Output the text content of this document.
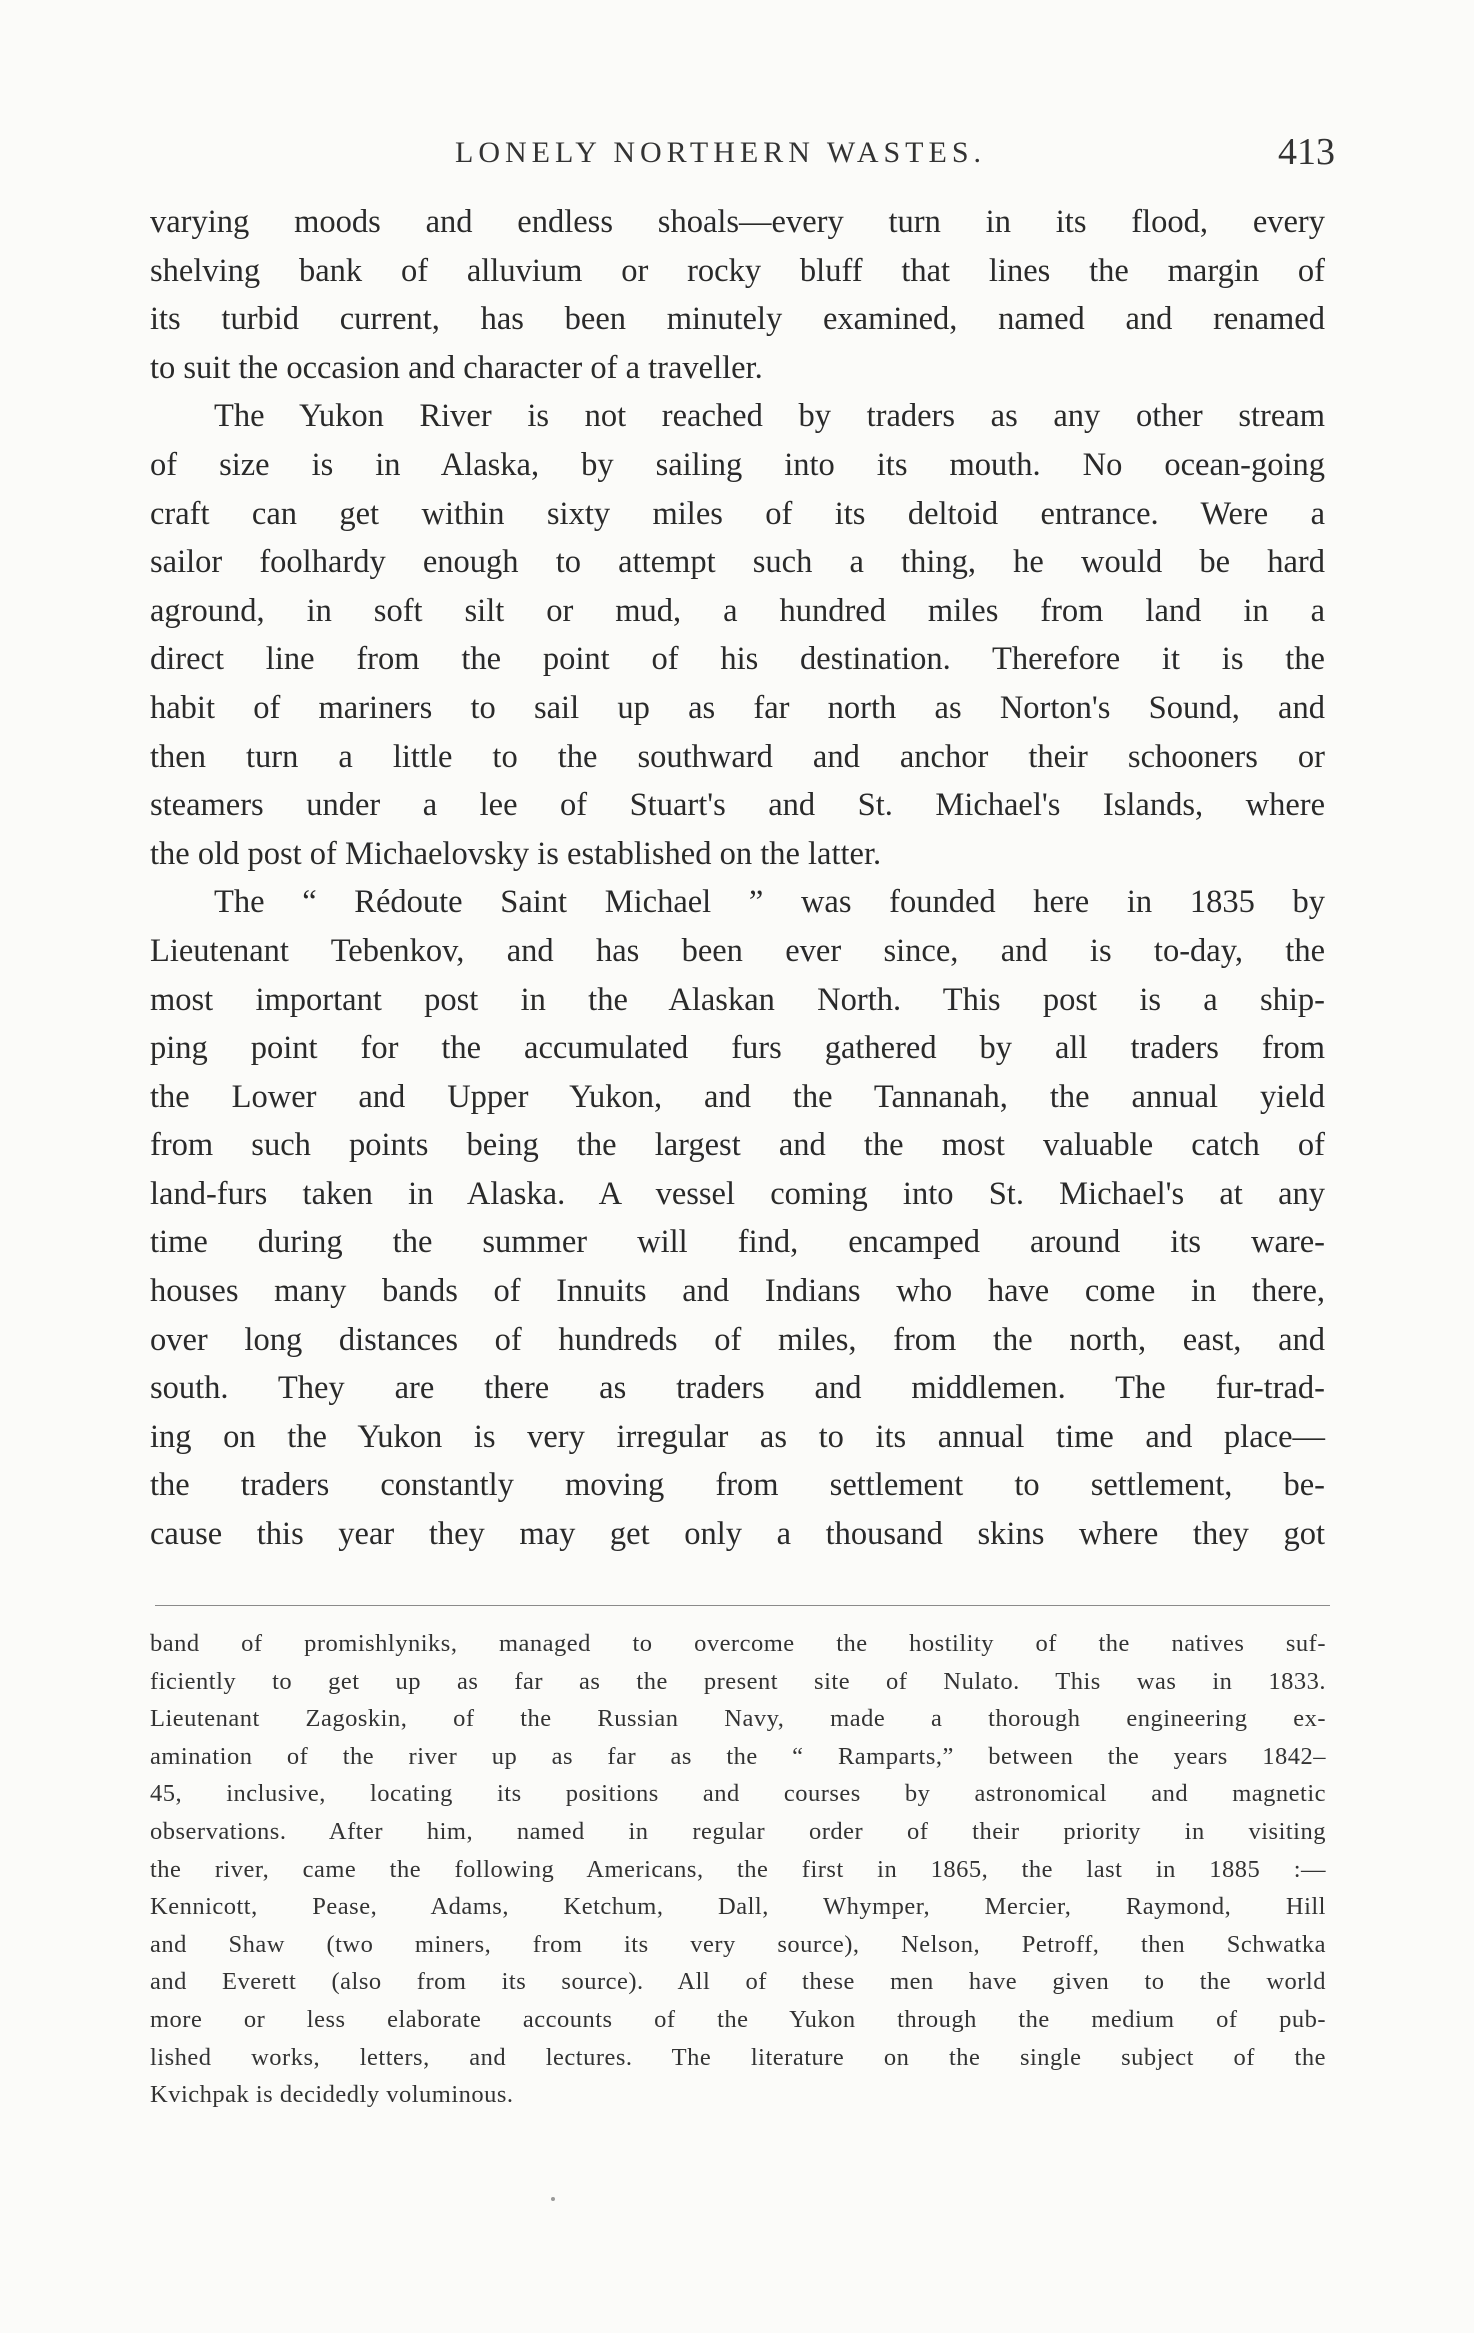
LONELY NORTHERN WASTES.	413
varying moods and endless shoals—every turn in its flood, every
shelving bank of alluvium or rocky bluff that lines the margin of
its turbid current, has been minutely examined, named and renamed
to suit the occasion and character of a traveller.
The Yukon River is not reached by traders as any other stream
of size is in Alaska, by sailing into its mouth. No ocean-going
craft can get within sixty miles of its deltoid entrance. Were a
sailor foolhardy enough to attempt such a thing, he would be hard
aground, in soft silt or mud, a hundred miles from land in a
direct line from the point of his destination. Therefore it is the
habit of mariners to sail up as far north as Norton's Sound, and
then turn a little to the southward and anchor their schooners or
steamers under a lee of Stuart's and St. Michael's Islands, where
the old post of Michaelovsky is established on the latter.
The “ Rédoute Saint Michael ” was founded here in 1835 by
Lieutenant Tebenkov, and has been ever since, and is to-day, the
most important post in the Alaskan North. This post is a ship-
ping point for the accumulated furs gathered by all traders from
the Lower and Upper Yukon, and the Tannanah, the annual yield
from such points being the largest and the most valuable catch of
land-furs taken in Alaska. A vessel coming into St. Michael's at any
time during the summer will find, encamped around its ware-
houses many bands of Innuits and Indians who have come in there,
over long distances of hundreds of miles, from the north, east, and
south. They are there as traders and middlemen. The fur-trad-
ing on the Yukon is very irregular as to its annual time and place—
the traders constantly moving from settlement to settlement, be-
cause this year they may get only a thousand skins where they got
band of promishlyniks, managed to overcome the hostility of the natives suf-
ficiently to get up as far as the present site of Nulato. This was in 1833.
Lieutenant Zagoskin, of the Russian Navy, made a thorough engineering ex-
amination of the river up as far as the “ Ramparts,” between the years 1842–
45, inclusive, locating its positions and courses by astronomical and magnetic
observations. After him, named in regular order of their priority in visiting
the river, came the following Americans, the first in 1865, the last in 1885 :—
Kennicott, Pease, Adams, Ketchum, Dall, Whymper, Mercier, Raymond, Hill
and Shaw (two miners, from its very source), Nelson, Petroff, then Schwatka
and Everett (also from its source). All of these men have given to the world
more or less elaborate accounts of the Yukon through the medium of pub-
lished works, letters, and lectures. The literature on the single subject of the
Kvichpak is decidedly voluminous.
